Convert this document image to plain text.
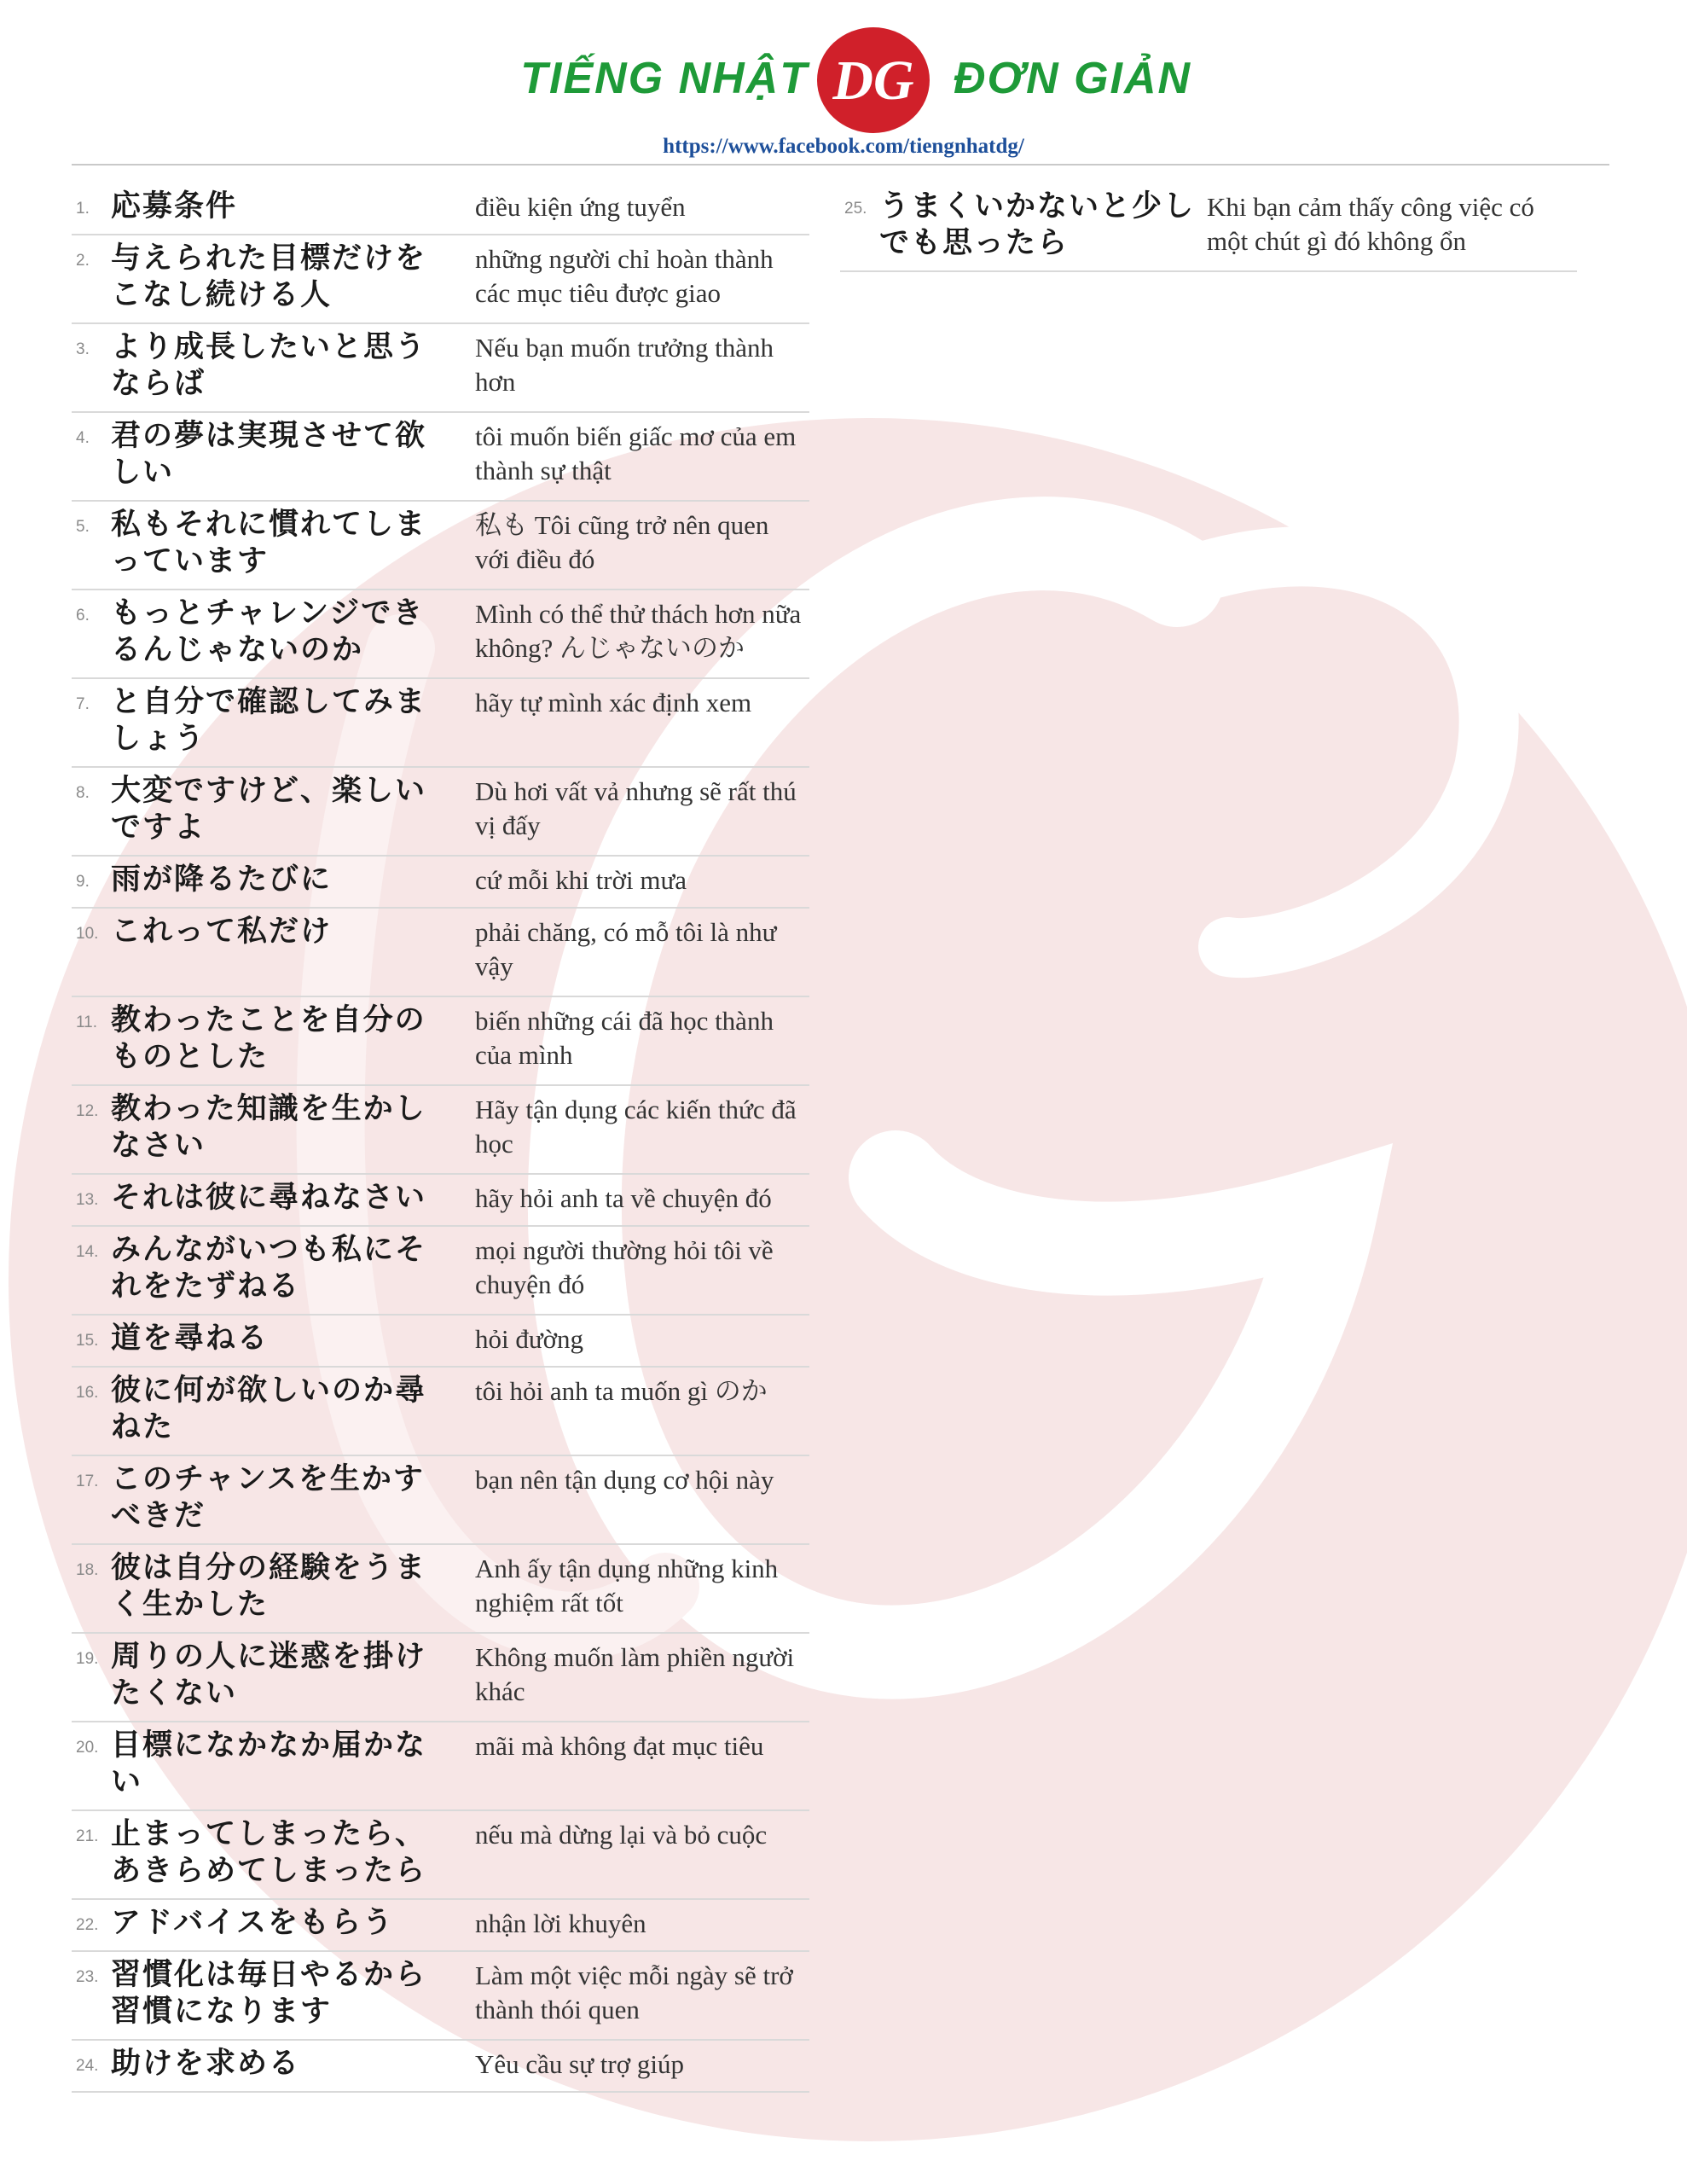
TIẾNG NHẬT DG ĐƠN GIẢN
https://www.facebook.com/tiengnhatdg/
1. 応募条件	điều kiện ứng tuyển
2. 与えられた目標だけをこなし続ける人
những người chỉ hoàn thành các mục tiêu được giao
3. より成長したいと思うならば
Nếu bạn muốn trưởng thành hơn
4. 君の夢は実現させて欲しい
tôi muốn biến giấc mơ của em thành sự thật
5. 私もそれに慣れてしまっています
私も Tôi cũng trở nên quen với điều đó
6. もっとチャレンジできるんじゃないのか
Mình có thể thử thách hơn nữa không? んじゃないのか
7. と自分で確認してみましょう
hãy tự mình xác định xem
8. 大変ですけど、楽しいですよ
Dù hơi vất vả nhưng sẽ rất thú vị đấy
9. 雨が降るたびに	cứ mỗi khi trời mưa
10. これって私だけ	phải chăng, có mỗ tôi là như vậy
11. 教わったことを自分のものとした
biến những cái đã học thành của mình
12. 教わった知識を生かしなさい
Hãy tận dụng các kiến thức đã học
13. それは彼に尋ねなさい	hãy hỏi anh ta về chuyện đó
14. みんながいつも私にそれをたずねる
mọi người thường hỏi tôi về chuyện đó
15. 道を尋ねる	hỏi đường
16. 彼に何が欲しいのか尋ねた
tôi hỏi anh ta muốn gì のか
17. このチャンスを生かすべきだ
bạn nên tận dụng cơ hội này
18. 彼は自分の経験をうまく生かした
Anh ấy tận dụng những kinh nghiệm rất tốt
19. 周りの人に迷惑を掛けたくない
Không muốn làm phiền người khác
20. 目標になかなか届かない
mãi mà không đạt mục tiêu
21. 止まってしまったら、あきらめてしまったら
nếu mà dừng lại và bỏ cuộc
22. アドバイスをもらう	nhận lời khuyên
23. 習慣化は毎日やるから習慣になります
Làm một việc mỗi ngày sẽ trở thành thói quen
24. 助けを求める	Yêu cầu sự trợ giúp
25. うまくいかないと少しでも思ったら
Khi bạn cảm thấy công việc có một chút gì đó không ổn
